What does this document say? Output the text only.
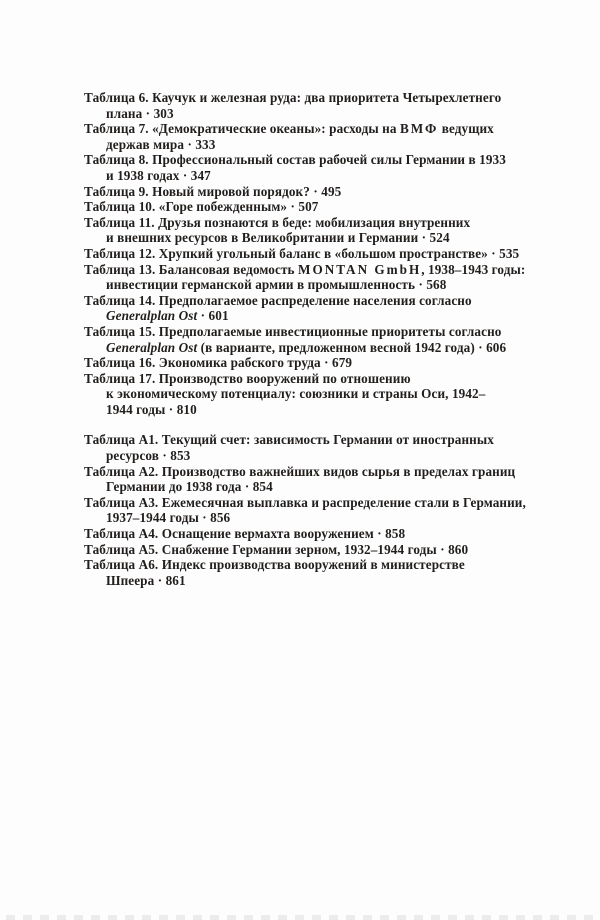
Таблица 6. Каучук и железная руда: два приоритета Четырехлетнего
плана · 303

Таблица 7. «Демократические океаны»: расходы на ВМФ ведущих
держав мира · 333

Таблица 8. Профессиональный состав рабочей силы Германии в 1933
и 1938 годах · 347

Таблица 9. Новый мировой порядок? · 495

Таблица 10. «Горе побежденным» · 507

Таблица 11. Друзья познаются в беде: мобилизация внутренних
и внешних ресурсов в Великобритании и Германии · 524

Таблица 12. Хрупкий угольный баланс в «большом пространстве» · 535

Таблица 13. Балансовая ведомость MONTAN GmbH, 1938–1943 годы:
инвестиции германской армии в промышленность · 568

Таблица 14. Предполагаемое распределение населения согласно
Generalplan Ost · 601

Таблица 15. Предполагаемые инвестиционные приоритеты согласно
Generalplan Ost (в варианте, предложенном весной 1942 года) · 606

Таблица 16. Экономика рабского труда · 679

Таблица 17. Производство вооружений по отношению
к экономическому потенциалу: союзники и страны Оси, 1942–
1944 годы · 810

Таблица А1. Текущий счет: зависимость Германии от иностранных
ресурсов · 853

Таблица А2. Производство важнейших видов сырья в пределах границ
Германии до 1938 года · 854

Таблица А3. Ежемесячная выплавка и распределение стали в Германии,
1937–1944 годы · 856

Таблица А4. Оснащение вермахта вооружением · 858

Таблица А5. Снабжение Германии зерном, 1932–1944 годы · 860

Таблица А6. Индекс производства вооружений в министерстве
Шпеера · 861
